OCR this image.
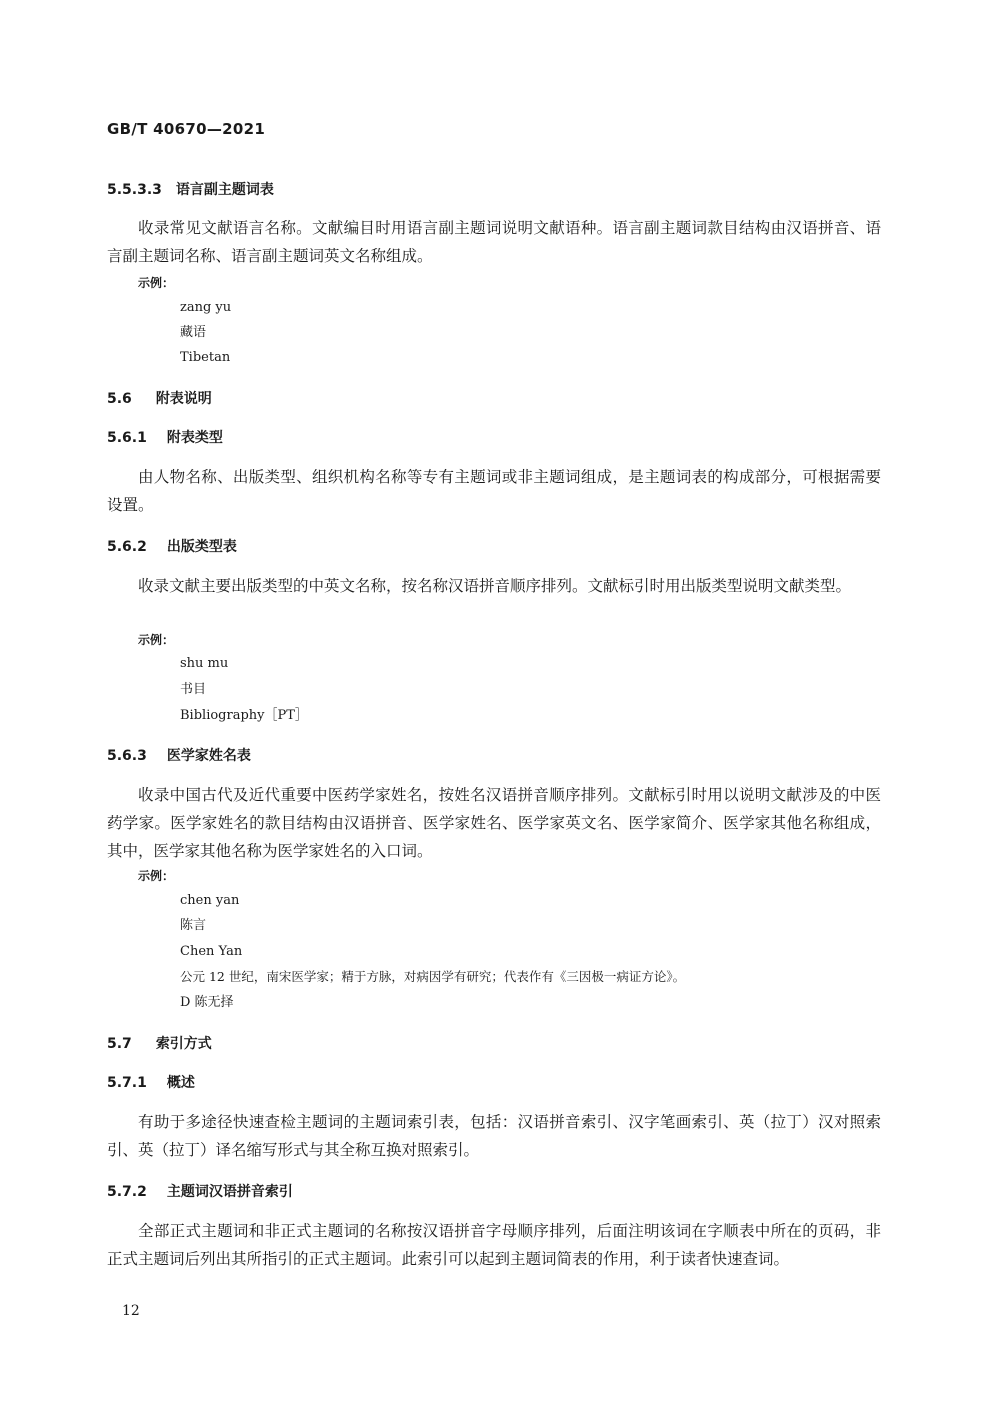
GB/T 40670—2021
5.5.3.3 语言副主题词表
收录常见文献语言名称。文献编目时用语言副主题词说明文献语种。语言副主题词款目结构由汉语拼音、语言副主题词名称、语言副主题词英文名称组成。
示例：
zang yu
藏语
Tibetan
5.6 附表说明
5.6.1 附表类型
由人物名称、出版类型、组织机构名称等专有主题词或非主题词组成，是主题词表的构成部分，可根据需要设置。
5.6.2 出版类型表
收录文献主要出版类型的中英文名称，按名称汉语拼音顺序排列。文献标引时用出版类型说明文献类型。
示例：
shu mu
书目
Bibliography［PT］
5.6.3 医学家姓名表
收录中国古代及近代重要中医药学家姓名，按姓名汉语拼音顺序排列。文献标引时用以说明文献涉及的中医药学家。医学家姓名的款目结构由汉语拼音、医学家姓名、医学家英文名、医学家简介、医学家其他名称组成，其中，医学家其他名称为医学家姓名的入口词。
示例：
chen yan
陈言
Chen Yan
公元 12 世纪，南宋医学家；精于方脉，对病因学有研究；代表作有《三因极一病证方论》。
D 陈无择
5.7 索引方式
5.7.1 概述
有助于多途径快速查检主题词的主题词索引表，包括：汉语拼音索引、汉字笔画索引、英（拉丁）汉对照索引、英（拉丁）译名缩写形式与其全称互换对照索引。
5.7.2 主题词汉语拼音索引
全部正式主题词和非正式主题词的名称按汉语拼音字母顺序排列，后面注明该词在字顺表中所在的页码，非正式主题词后列出其所指引的正式主题词。此索引可以起到主题词简表的作用，利于读者快速查词。
12
